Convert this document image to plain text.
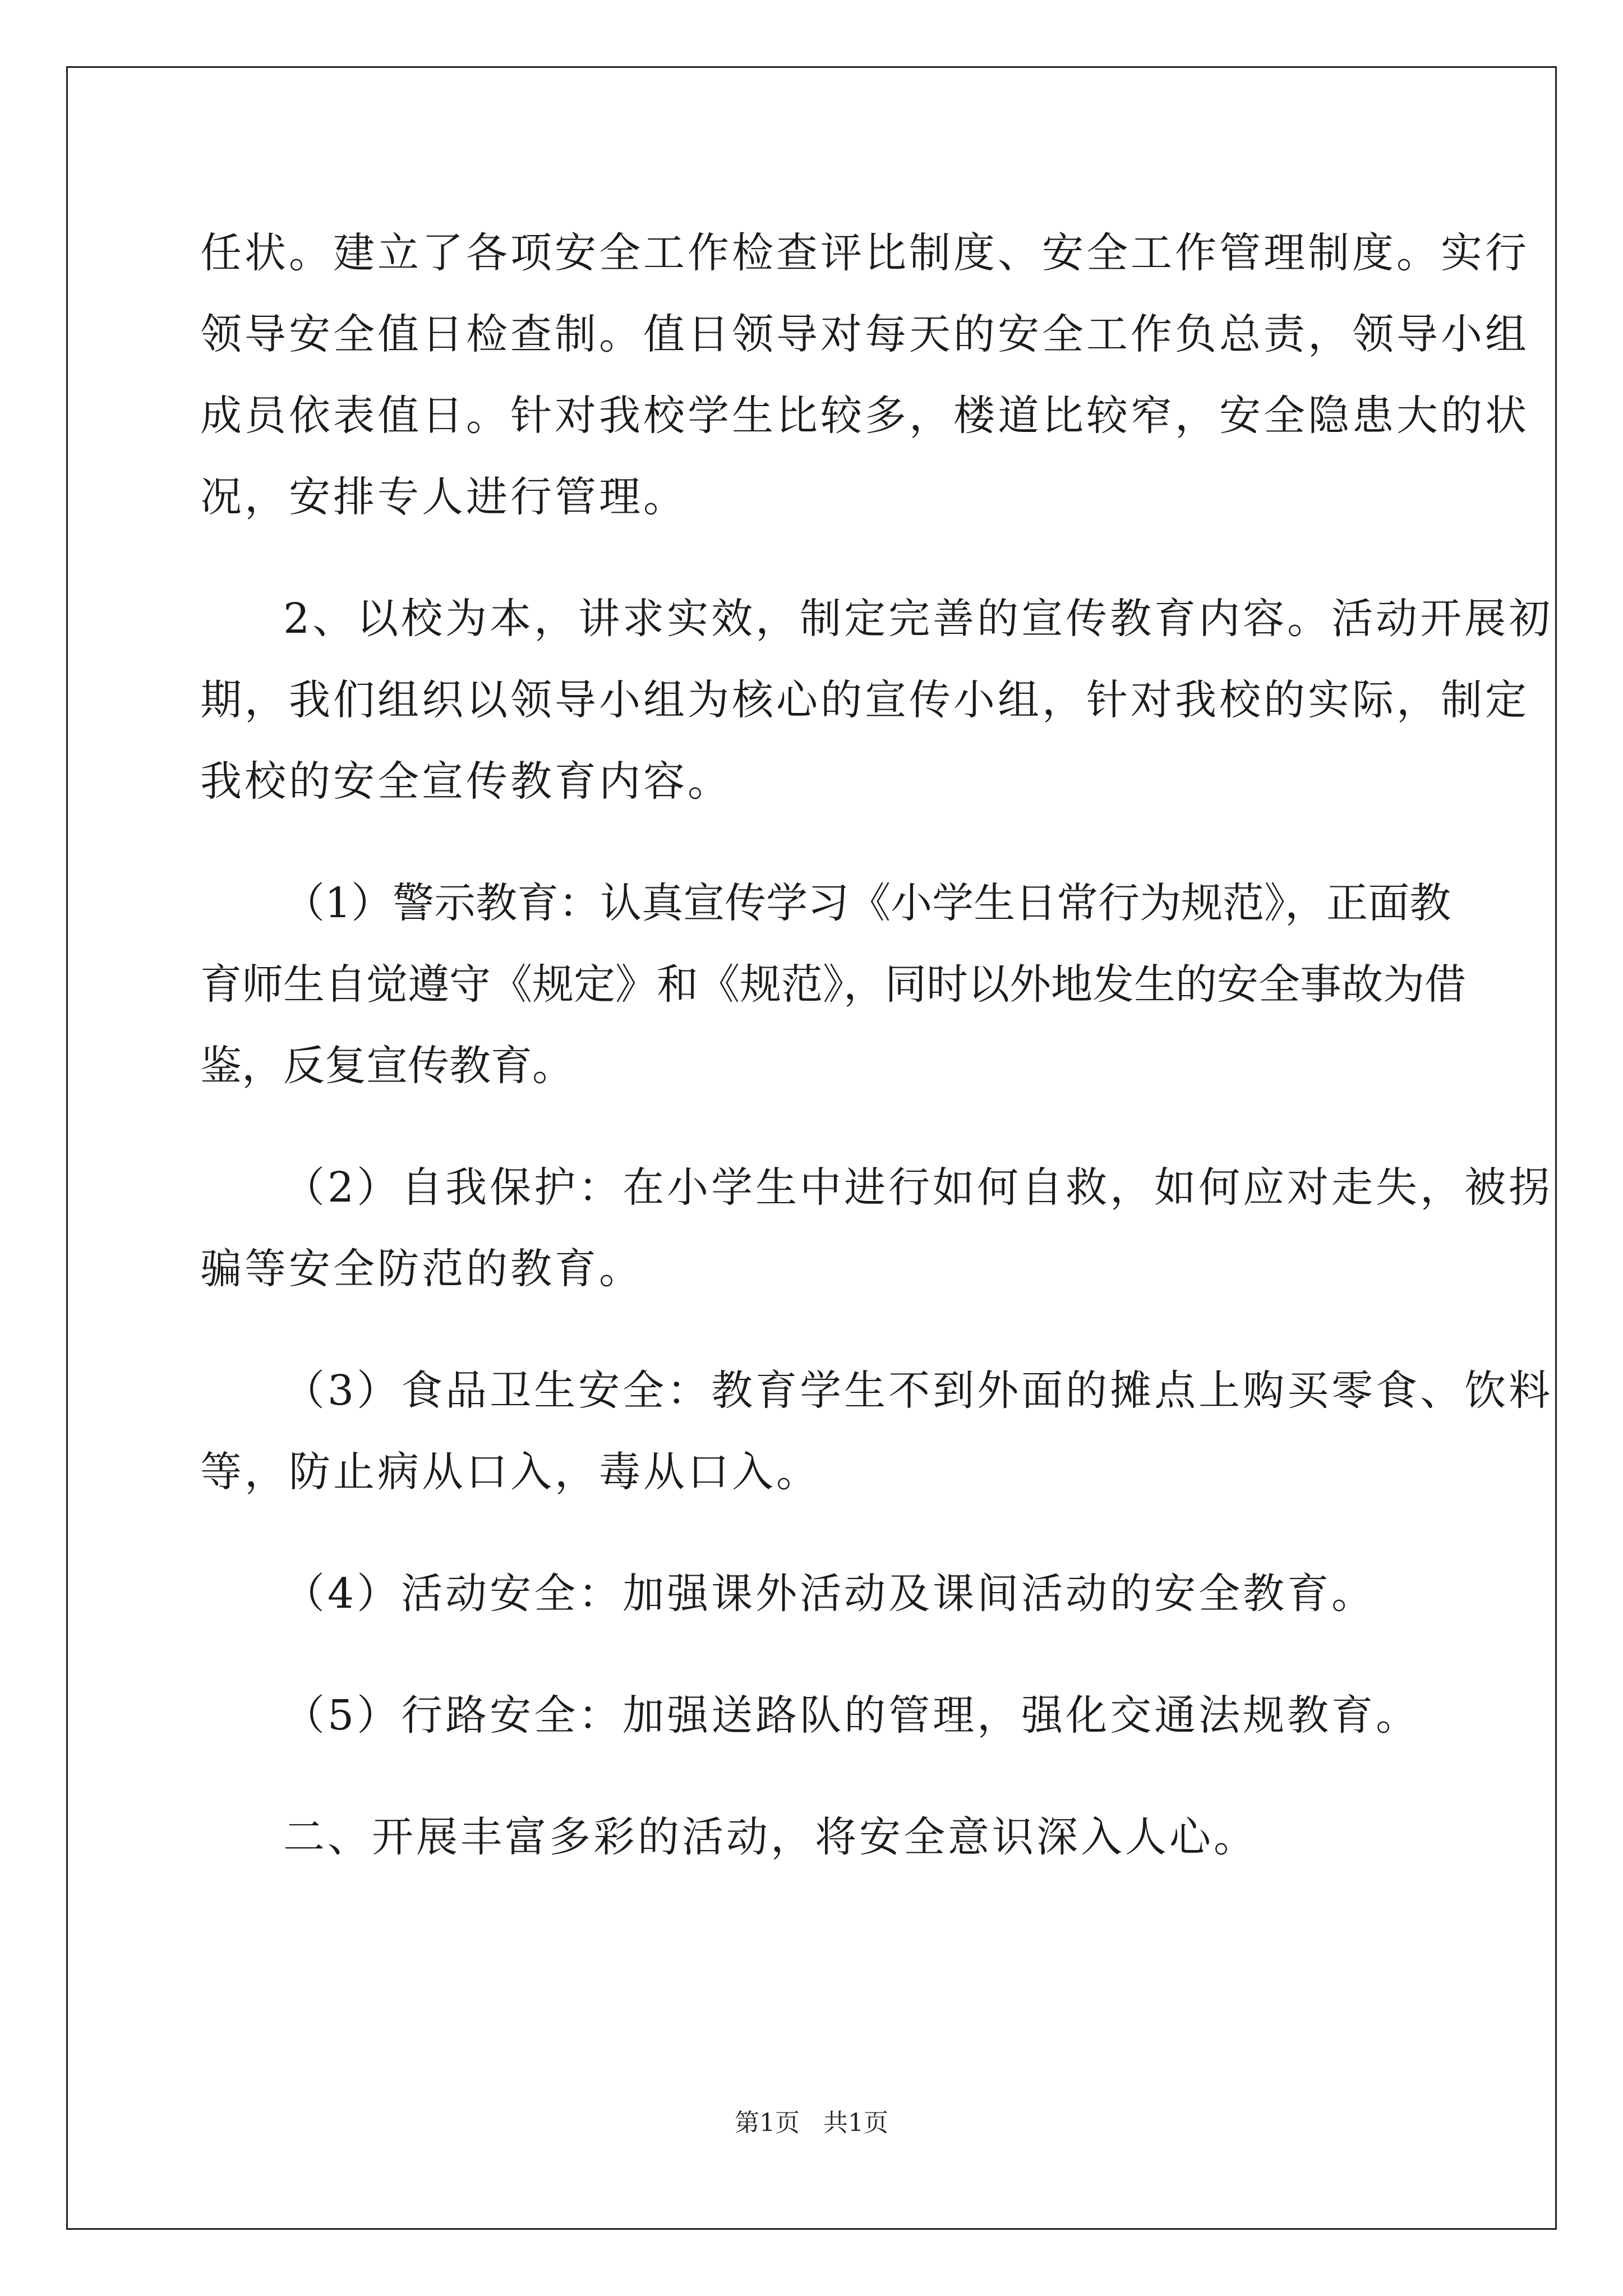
任状。建立了各项安全工作检查评比制度、安全工作管理制度。实行
领导安全值日检查制。值日领导对每天的安全工作负总责，领导小组
成员依表值日。针对我校学生比较多，楼道比较窄，安全隐患大的状
况，安排专人进行管理。
2、以校为本，讲求实效，制定完善的宣传教育内容。活动开展初
期，我们组织以领导小组为核心的宣传小组，针对我校的实际，制定
我校的安全宣传教育内容。
（1）警示教育：认真宣传学习《小学生日常行为规范》，正面教
育师生自觉遵守《规定》和《规范》，同时以外地发生的安全事故为借
鉴，反复宣传教育。
（2）自我保护：在小学生中进行如何自救，如何应对走失，被拐
骗等安全防范的教育。
（3）食品卫生安全：教育学生不到外面的摊点上购买零食、饮料
等，防止病从口入，毒从口入。
（4）活动安全：加强课外活动及课间活动的安全教育。
（5）行路安全：加强送路队的管理，强化交通法规教育。
二、开展丰富多彩的活动，将安全意识深入人心。
第1页 共1页
